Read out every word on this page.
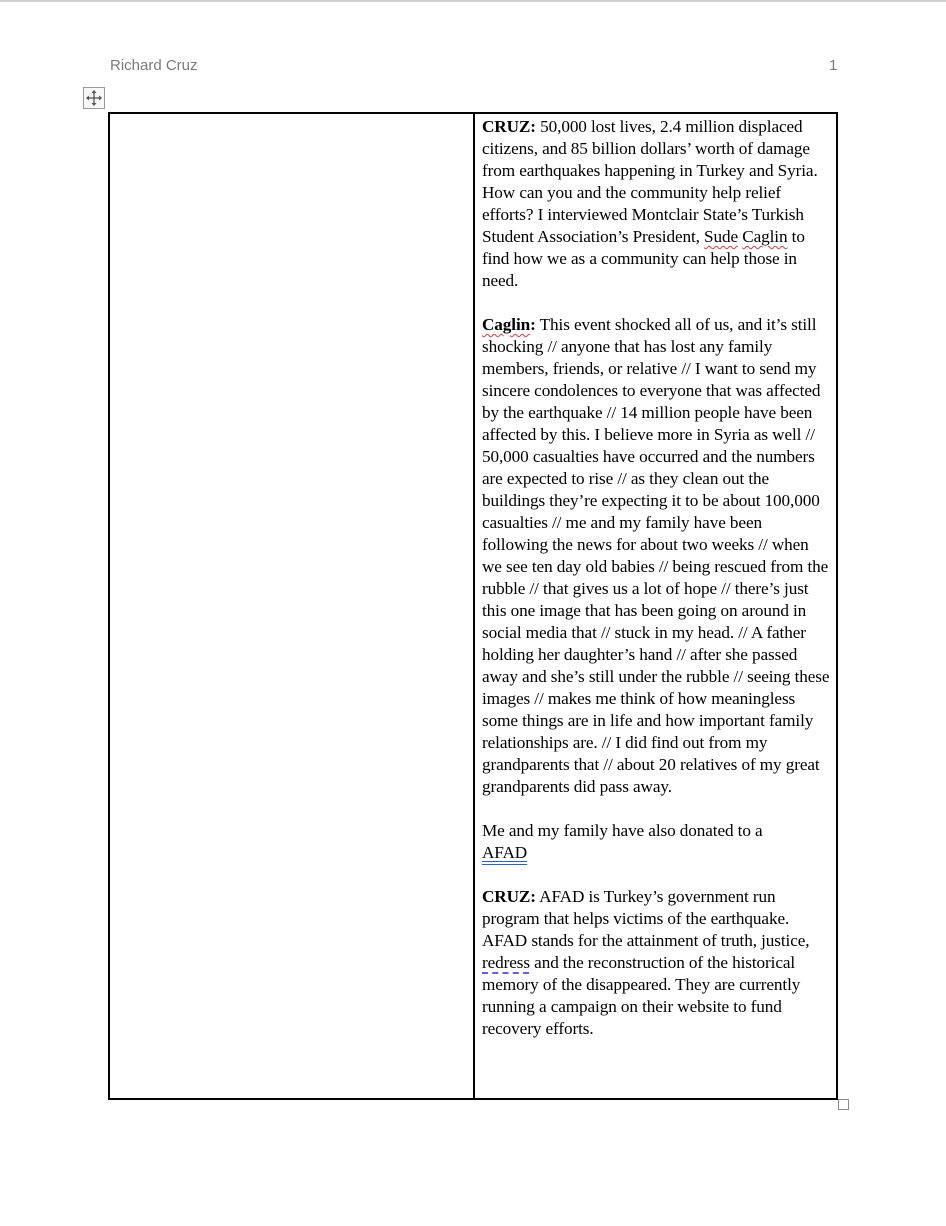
Richard Cruz	1

CRUZ: 50,000 lost lives, 2.4 million displaced citizens, and 85 billion dollars’ worth of damage from earthquakes happening in Turkey and Syria. How can you and the community help relief efforts? I interviewed Montclair State’s Turkish Student Association’s President, Sude Caglin to find how we as a community can help those in need.

Caglin: This event shocked all of us, and it’s still shocking // anyone that has lost any family members, friends, or relative // I want to send my sincere condolences to everyone that was affected by the earthquake // 14 million people have been affected by this. I believe more in Syria as well // 50,000 casualties have occurred and the numbers are expected to rise // as they clean out the buildings they’re expecting it to be about 100,000 casualties // me and my family have been following the news for about two weeks // when we see ten day old babies // being rescued from the rubble // that gives us a lot of hope // there’s just this one image that has been going on around in social media that // stuck in my head. // A father holding her daughter’s hand // after she passed away and she’s still under the rubble // seeing these images // makes me think of how meaningless some things are in life and how important family relationships are. // I did find out from my grandparents that // about 20 relatives of my great grandparents did pass away.

Me and my family have also donated to a
AFAD

CRUZ: AFAD is Turkey’s government run program that helps victims of the earthquake. AFAD stands for the attainment of truth, justice, redress and the reconstruction of the historical memory of the disappeared. They are currently running a campaign on their website to fund recovery efforts.
